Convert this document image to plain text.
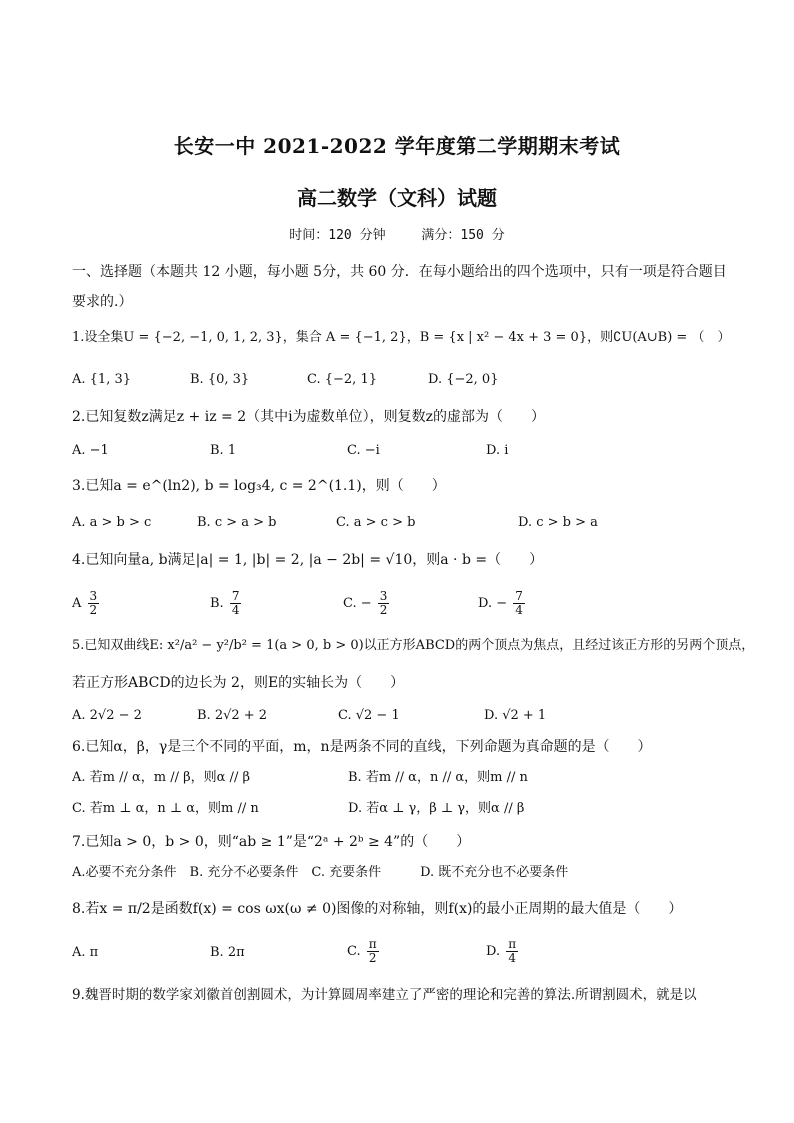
长安一中 2021-2022 学年度第二学期期末考试
高二数学（文科）试题
时间：120 分钟	满分：150 分
一、选择题（本题共 12 小题，每小题 5分，共 60 分．在每小题给出的四个选项中，只有一项是符合题目
要求的.）
1.设全集U = {−2, −1, 0, 1, 2, 3}，集合 A = {−1, 2}，B = {x | x² − 4x + 3 = 0}，则∁U(A∪B) = （　）
A. {1, 3}	B. {0, 3}	C. {−2, 1}	D. {−2, 0}
2.已知复数z满足z + iz = 2（其中i为虚数单位），则复数z的虚部为（　　）
A. −1	B. 1	C. −i	D. i
3.已知a = e^(ln2), b = log₃4, c = 2^(1.1)，则（　　）
A. a > b > c	B. c > a > b	C. a > c > b	D. c > b > a
4.已知向量a, b满足|a| = 1, |b| = 2, |a − 2b| = √10，则a · b =（　　）
A $\frac{3}{2}$	B. $\frac{7}{4}$	C. − $\frac{3}{2}$	D. − $\frac{7}{4}$
5.已知双曲线E: x²/a² − y²/b² = 1(a > 0, b > 0)以正方形ABCD的两个顶点为焦点，且经过该正方形的另两个顶点，
若正方形ABCD的边长为 2，则E的实轴长为（　　）
A. 2√2 − 2	B. 2√2 + 2	C. √2 − 1	D. √2 + 1
6.已知α，β，γ是三个不同的平面，m，n是两条不同的直线，下列命题为真命题的是（　　）
A. 若m // α，m // β，则α // β	B. 若m // α，n // α，则m // n
C. 若m ⊥ α，n ⊥ α，则m // n	D. 若α ⊥ γ，β ⊥ γ，则α // β
7.已知a > 0，b > 0，则“ab ≥ 1”是“2ᵃ + 2ᵇ ≥ 4”的（　　）
A.必要不充分条件　B. 充分不必要条件　C. 充要条件　　　D. 既不充分也不必要条件
8.若x = π/2是函数f(x) = cos ωx(ω ≠ 0)图像的对称轴，则f(x)的最小正周期的最大值是（　　）
A. π	B. 2π	C. $\frac{\pi}{2}$	D. $\frac{\pi}{4}$
9.魏晋时期的数学家刘徽首创割圆术，为计算圆周率建立了严密的理论和完善的算法.所谓割圆术，就是以
